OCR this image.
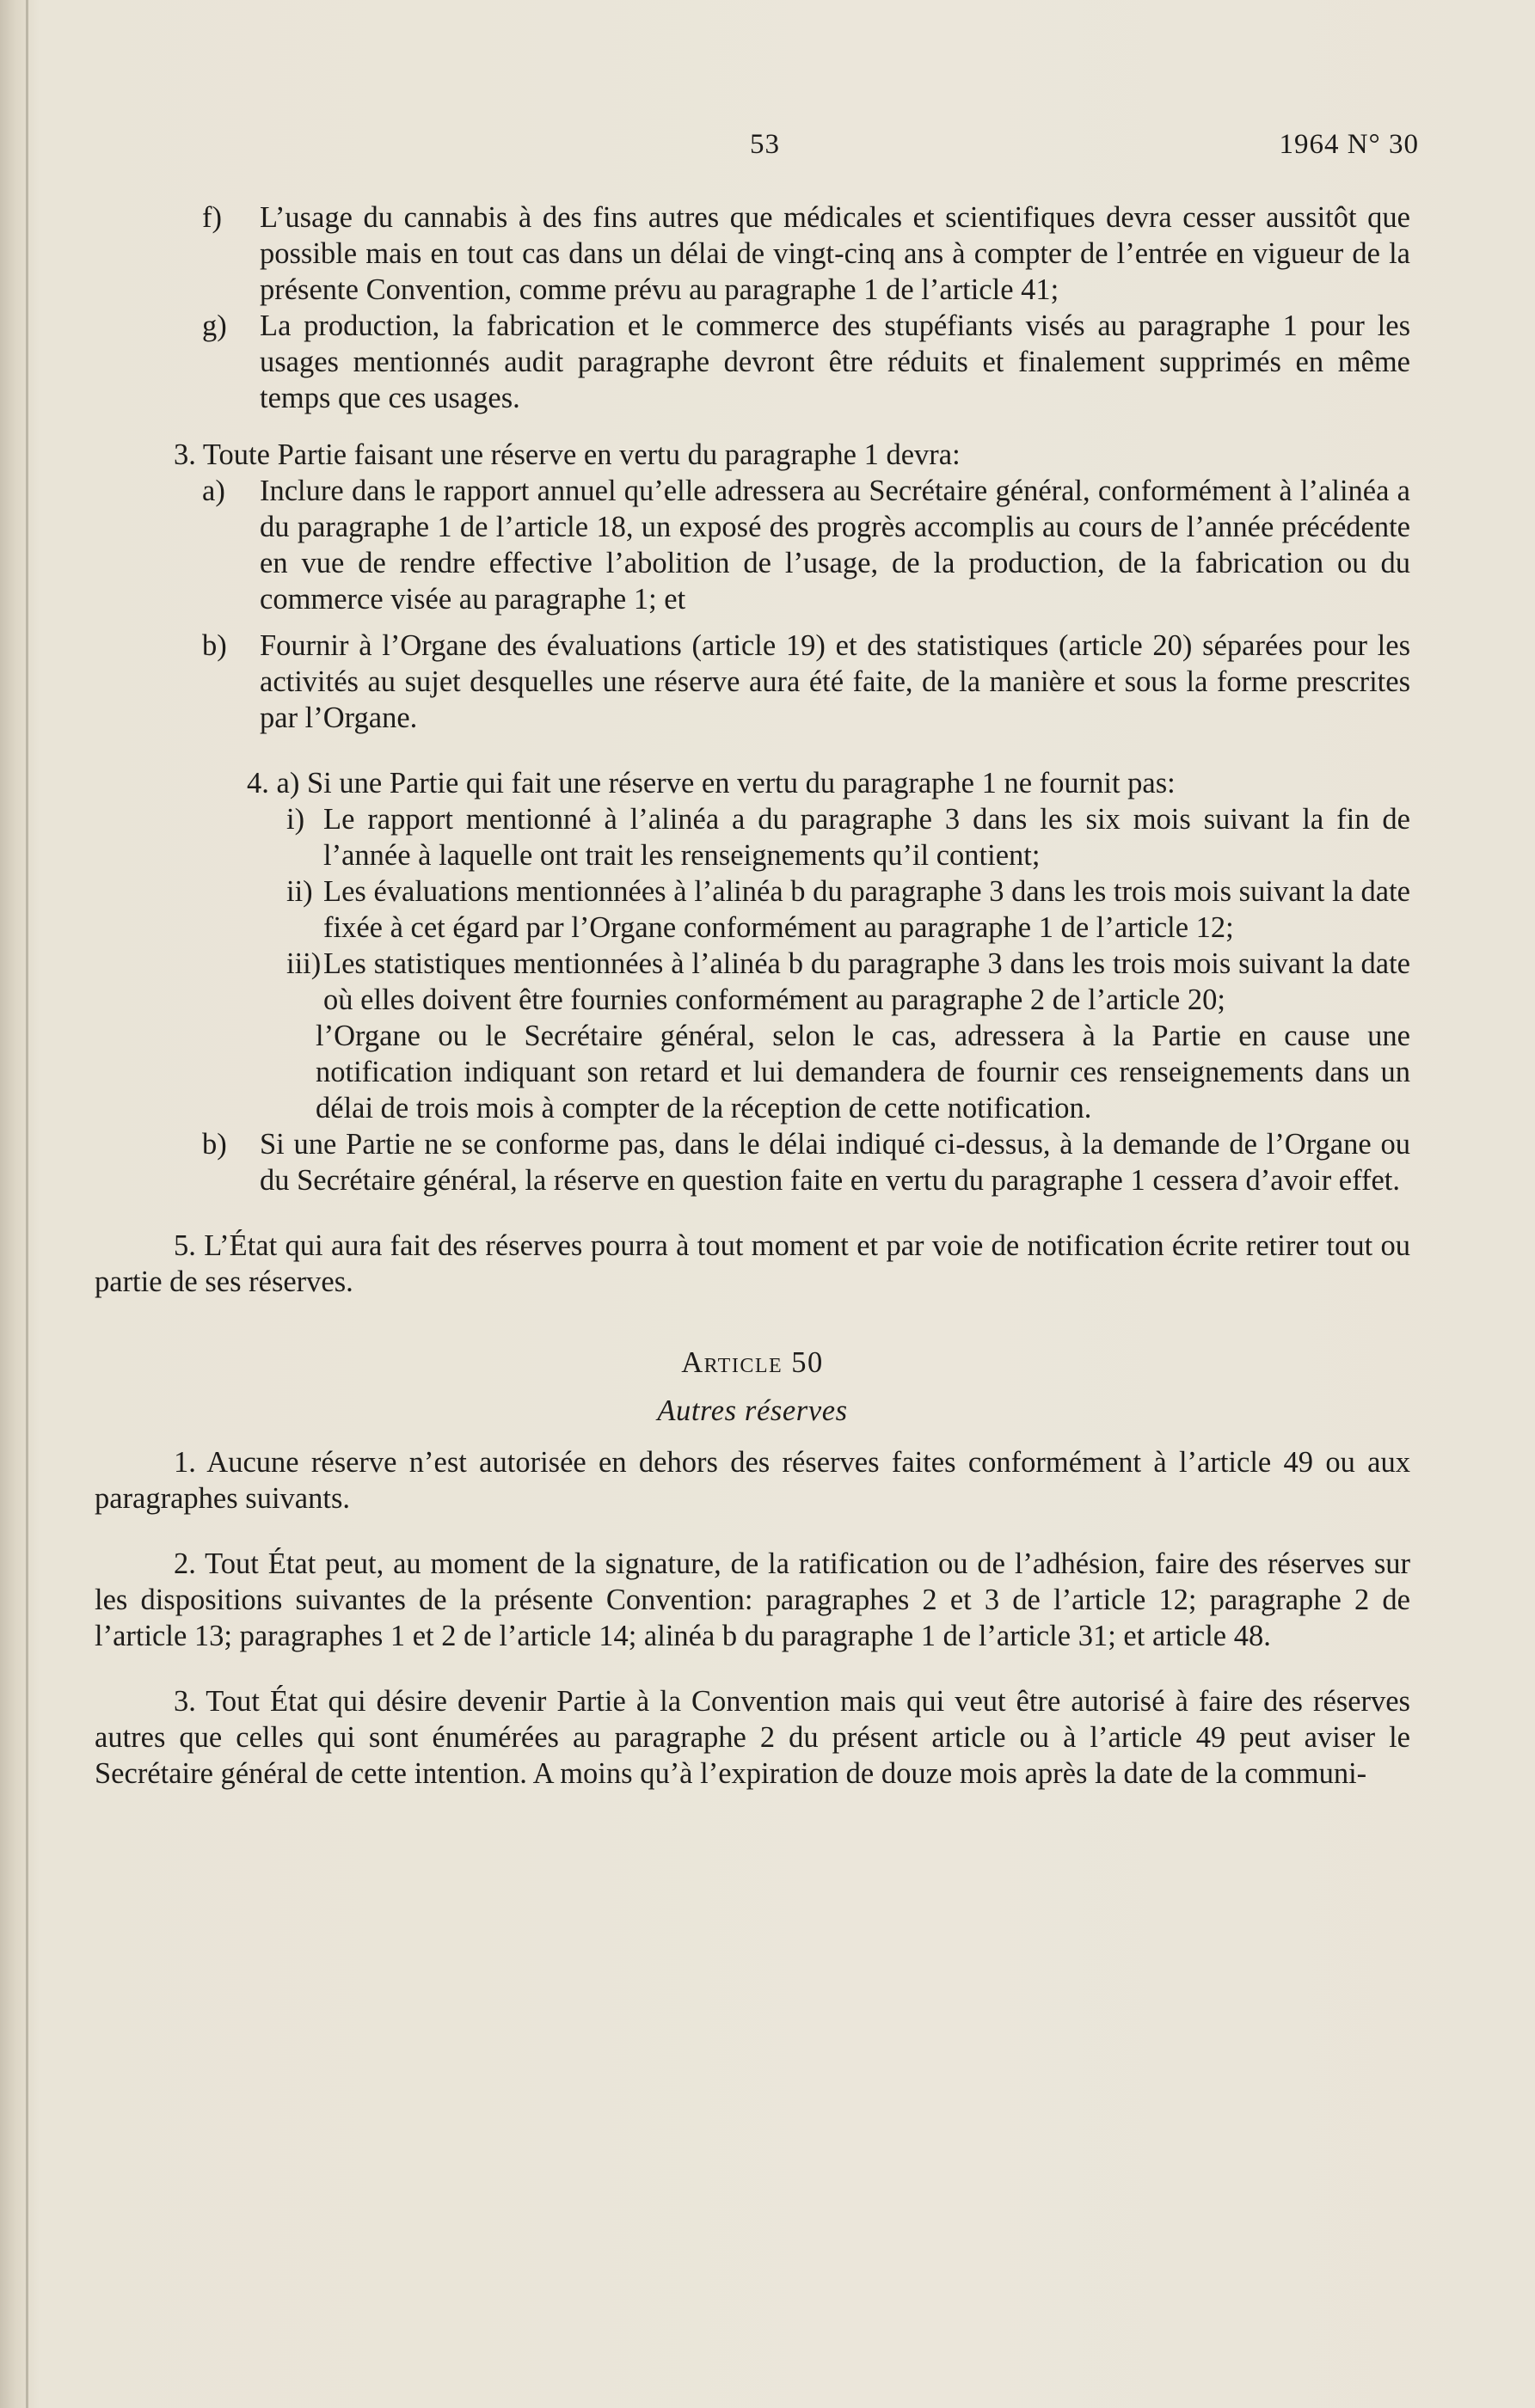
53	1964 N° 30
f)	L’usage du cannabis à des fins autres que médicales et scientifiques devra cesser aussitôt que possible mais en tout cas dans un délai de vingt-cinq ans à compter de l’entrée en vigueur de la présente Convention, comme prévu au paragraphe 1 de l’article 41;
g)	La production, la fabrication et le commerce des stupéfiants visés au paragraphe 1 pour les usages mentionnés audit paragraphe devront être réduits et finalement supprimés en même temps que ces usages.

3. Toute Partie faisant une réserve en vertu du paragraphe 1 devra:

a)	Inclure dans le rapport annuel qu’elle adressera au Secrétaire général, conformément à l’alinéa a du paragraphe 1 de l’article 18, un exposé des progrès accomplis au cours de l’année précédente en vue de rendre effective l’abolition de l’usage, de la production, de la fabrication ou du commerce visée au paragraphe 1; et
b)	Fournir à l’Organe des évaluations (article 19) et des statistiques (article 20) séparées pour les activités au sujet desquelles une réserve aura été faite, de la manière et sous la forme prescrites par l’Organe.
4. a) Si une Partie qui fait une réserve en vertu du paragraphe 1 ne fournit pas:
i) Le rapport mentionné à l’alinéa a du paragraphe 3 dans les six mois suivant la fin de l’année à laquelle ont trait les renseignements qu’il contient;
ii) Les évaluations mentionnées à l’alinéa b du paragraphe 3 dans les trois mois suivant la date fixée à cet égard par l’Organe conformément au paragraphe 1 de l’article 12;
iii) Les statistiques mentionnées à l’alinéa b du paragraphe 3 dans les trois mois suivant la date où elles doivent être fournies conformément au paragraphe 2 de l’article 20;

l’Organe ou le Secrétaire général, selon le cas, adressera à la Partie en cause une notification indiquant son retard et lui demandera de fournir ces renseignements dans un délai de trois mois à compter de la réception de cette notification.

b)	Si une Partie ne se conforme pas, dans le délai indiqué ci-dessus, à la demande de l’Organe ou du Secrétaire général, la réserve en question faite en vertu du paragraphe 1 cessera d’avoir effet.

5. L’État qui aura fait des réserves pourra à tout moment et par voie de notification écrite retirer tout ou partie de ses réserves.

Article 50
Autres réserves

1. Aucune réserve n’est autorisée en dehors des réserves faites conformément à l’article 49 ou aux paragraphes suivants.

2. Tout État peut, au moment de la signature, de la ratification ou de l’adhésion, faire des réserves sur les dispositions suivantes de la présente Convention: paragraphes 2 et 3 de l’article 12; paragraphe 2 de l’article 13; paragraphes 1 et 2 de l’article 14; alinéa b du paragraphe 1 de l’article 31; et article 48.

3. Tout État qui désire devenir Partie à la Convention mais qui veut être autorisé à faire des réserves autres que celles qui sont énumérées au paragraphe 2 du présent article ou à l’article 49 peut aviser le Secrétaire général de cette intention. A moins qu’à l’expiration de douze mois après la date de la communi-
